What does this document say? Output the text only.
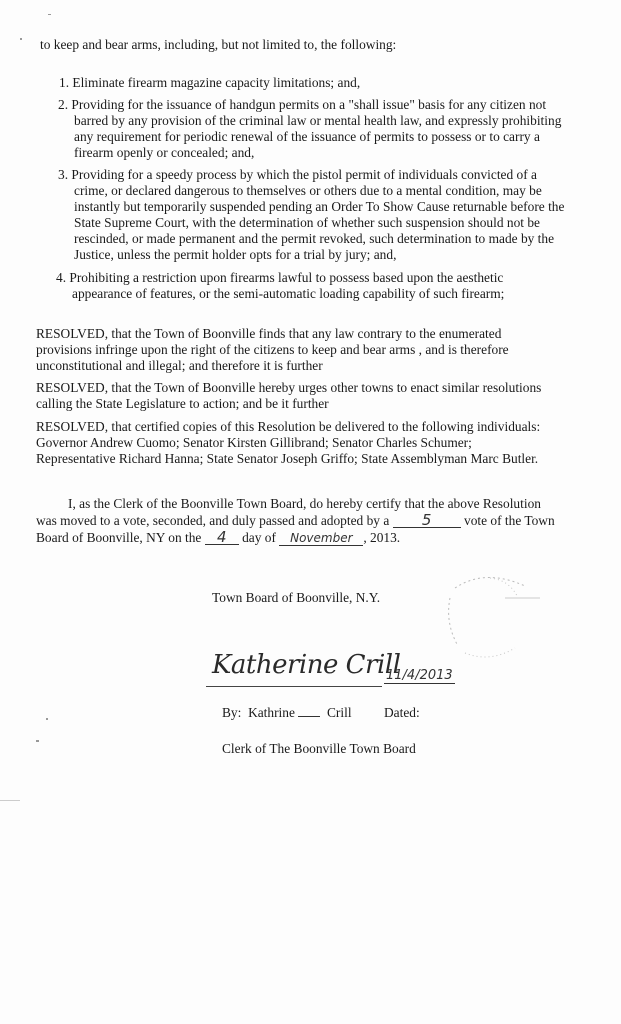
to keep and bear arms, including, but not limited to, the following:
1. Eliminate firearm magazine capacity limitations; and,
2. Providing for the issuance of handgun permits on a "shall issue" basis for any citizen not
barred by any provision of the criminal law or mental health law, and expressly prohibiting
any requirement for periodic renewal of the issuance of permits to possess or to carry a
firearm openly or concealed; and,
3. Providing for a speedy process by which the pistol permit of individuals convicted of a
crime, or declared dangerous to themselves or others due to a mental condition, may be
instantly but temporarily suspended pending an Order To Show Cause returnable before the
State Supreme Court, with the determination of whether such suspension should not be
rescinded, or made permanent and the permit revoked, such determination to made by the
Justice, unless the permit holder opts for a trial by jury; and,
4. Prohibiting a restriction upon firearms lawful to possess based upon the aesthetic
appearance of features, or the semi-automatic loading capability of such firearm;
RESOLVED, that the Town of Boonville finds that any law contrary to the enumerated
provisions infringe upon the right of the citizens to keep and bear arms , and is therefore
unconstitutional and illegal; and therefore it is further
RESOLVED, that the Town of Boonville hereby urges other towns to enact similar resolutions
calling the State Legislature to action; and be it further
RESOLVED, that certified copies of this Resolution be delivered to the following individuals:
Governor Andrew Cuomo; Senator Kirsten Gillibrand; Senator Charles Schumer;
Representative Richard Hanna; State Senator Joseph Griffo; State Assemblyman Marc Butler.
I, as the Clerk of the Boonville Town Board, do hereby certify that the above Resolution
was moved to a vote, seconded, and duly passed and adopted by a 5 vote of the Town
Board of Boonville, NY on the 4 day of November , 2013.
Town Board of Boonville, N.Y.
Katherine Crill
11/4/2013
By: Kathrine Crill Dated:
Clerk of The Boonville Town Board
